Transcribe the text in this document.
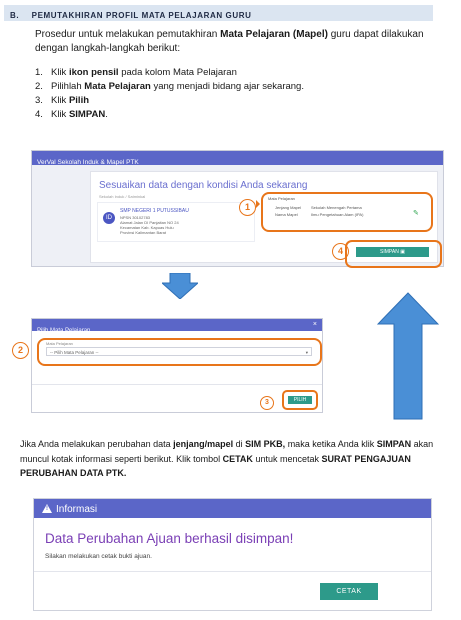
B. PEMUTAKHIRAN PROFIL MATA PELAJARAN GURU
Prosedur untuk melakukan pemutakhiran Mata Pelajaran (Mapel) guru dapat dilakukan dengan langkah-langkah berikut:
1. Klik ikon pensil pada kolom Mata Pelajaran
2. Pilihlah Mata Pelajaran yang menjadi bidang ajar sekarang.
3. Klik Pilih
4. Klik SIMPAN.
VerVal Sekolah Induk & Mapel PTK
Sesuaikan data dengan kondisi Anda sekarang
Sekolah Induk / Satminkal
ID
SMP NEGERI 1 PUTUSSIBAU
NPSN 30102783
Alamat Jalan DI Panjaitan NO 24
Kecamatan Kab. Kapuas Hulu
Provinsi Kalimantan Barat
Mata Pelajaran
Jenjang Mapel Sekolah Menengah Pertama
Nama Mapel	Ilmu Pengetahuan Alam (IPA)	✎
1
4	SIMPAN ▣
Pilih Mata Pelajaran
×
Mata Pelajaran
-- Pilih Mata Pelajaran --	▾
3	PILIH
2
Jika Anda melakukan perubahan data jenjang/mapel di SIM PKB, maka ketika Anda klik SIMPAN akan muncul kotak informasi seperti berikut. Klik tombol CETAK untuk mencetak SURAT PENGAJUAN PERUBAHAN DATA PTK.
! Informasi
Data Perubahan Ajuan berhasil disimpan!
Silakan melakukan cetak bukti ajuan.
CETAK
